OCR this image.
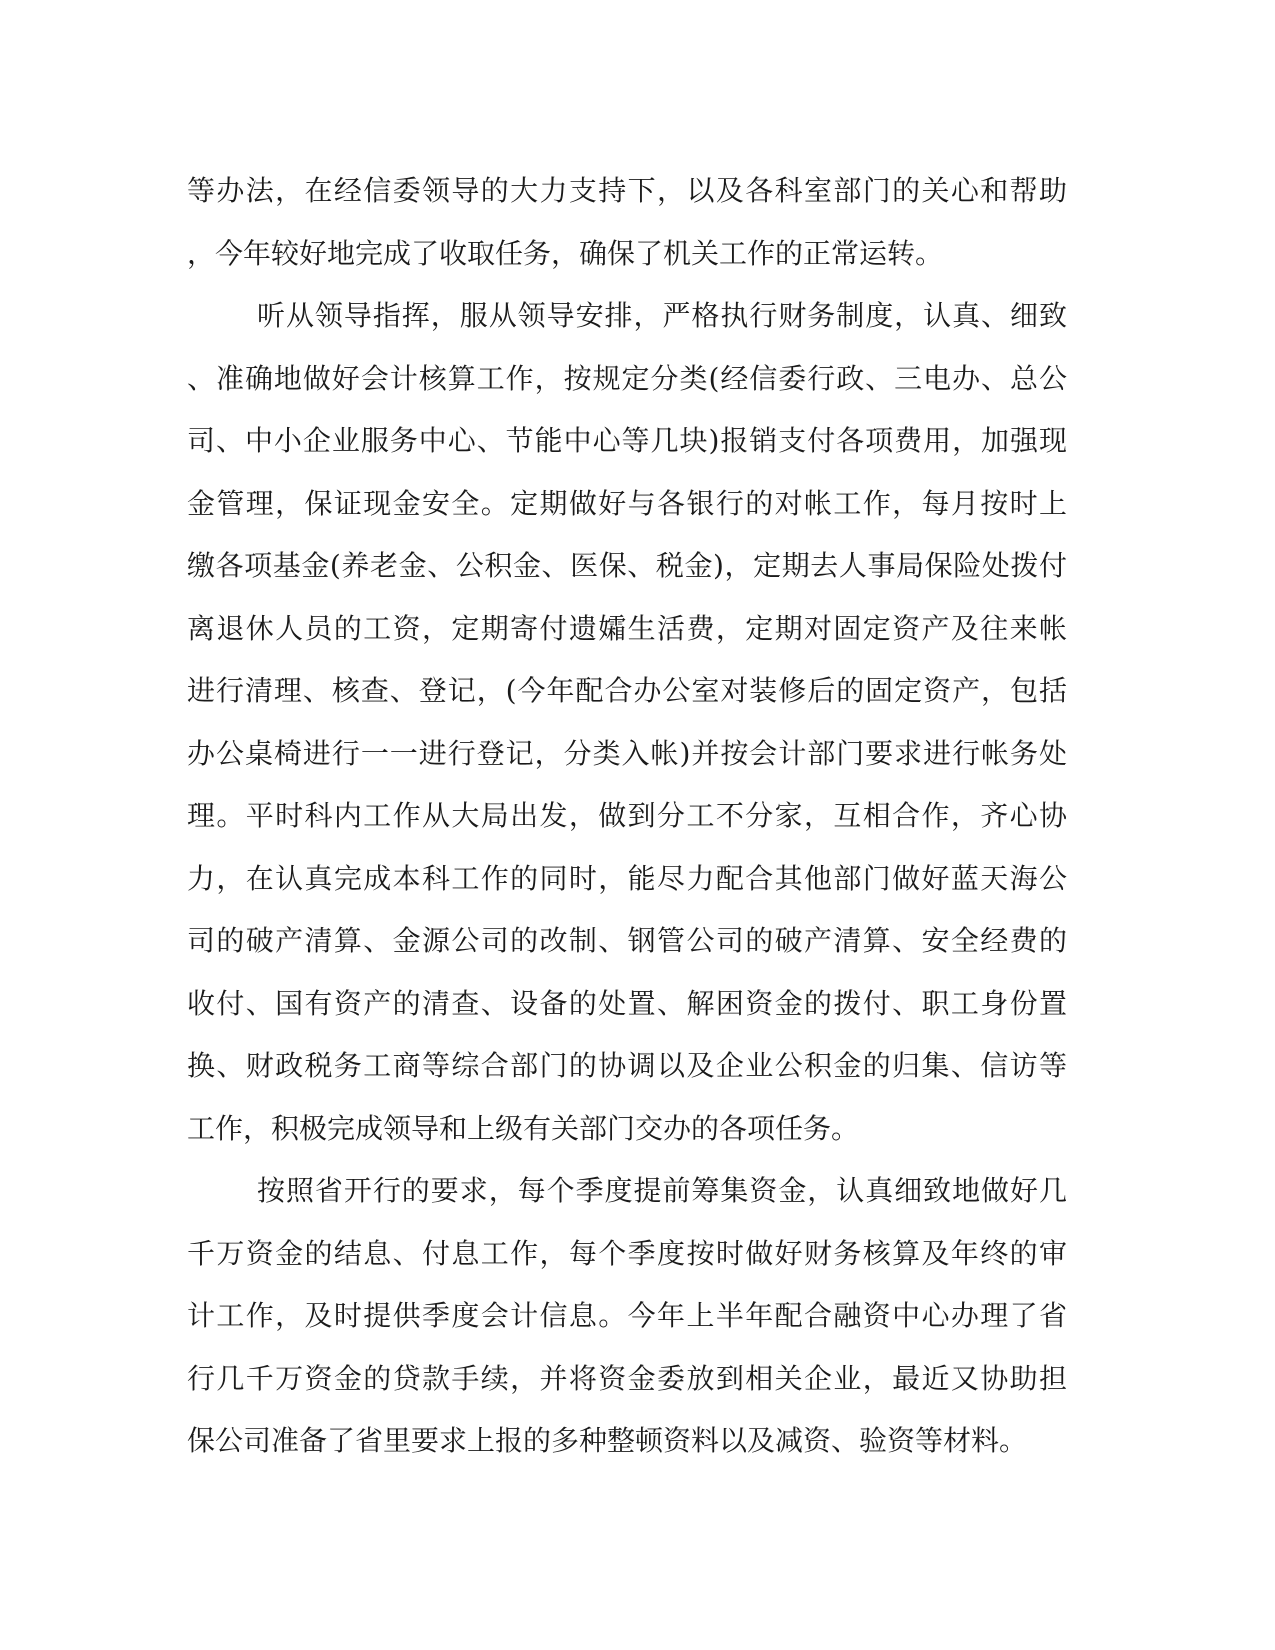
等办法，在经信委领导的大力支持下，以及各科室部门的关心和帮助
，今年较好地完成了收取任务，确保了机关工作的正常运转。
听从领导指挥，服从领导安排，严格执行财务制度，认真、细致
、准确地做好会计核算工作，按规定分类(经信委行政、三电办、总公
司、中小企业服务中心、节能中心等几块)报销支付各项费用，加强现
金管理，保证现金安全。定期做好与各银行的对帐工作，每月按时上
缴各项基金(养老金、公积金、医保、税金)，定期去人事局保险处拨付
离退休人员的工资，定期寄付遗孀生活费，定期对固定资产及往来帐
进行清理、核查、登记，(今年配合办公室对装修后的固定资产，包括
办公桌椅进行一一进行登记，分类入帐)并按会计部门要求进行帐务处
理。平时科内工作从大局出发，做到分工不分家，互相合作，齐心协
力，在认真完成本科工作的同时，能尽力配合其他部门做好蓝天海公
司的破产清算、金源公司的改制、钢管公司的破产清算、安全经费的
收付、国有资产的清查、设备的处置、解困资金的拨付、职工身份置
换、财政税务工商等综合部门的协调以及企业公积金的归集、信访等
工作，积极完成领导和上级有关部门交办的各项任务。
按照省开行的要求，每个季度提前筹集资金，认真细致地做好几
千万资金的结息、付息工作，每个季度按时做好财务核算及年终的审
计工作，及时提供季度会计信息。今年上半年配合融资中心办理了省
行几千万资金的贷款手续，并将资金委放到相关企业，最近又协助担
保公司准备了省里要求上报的多种整顿资料以及减资、验资等材料。
